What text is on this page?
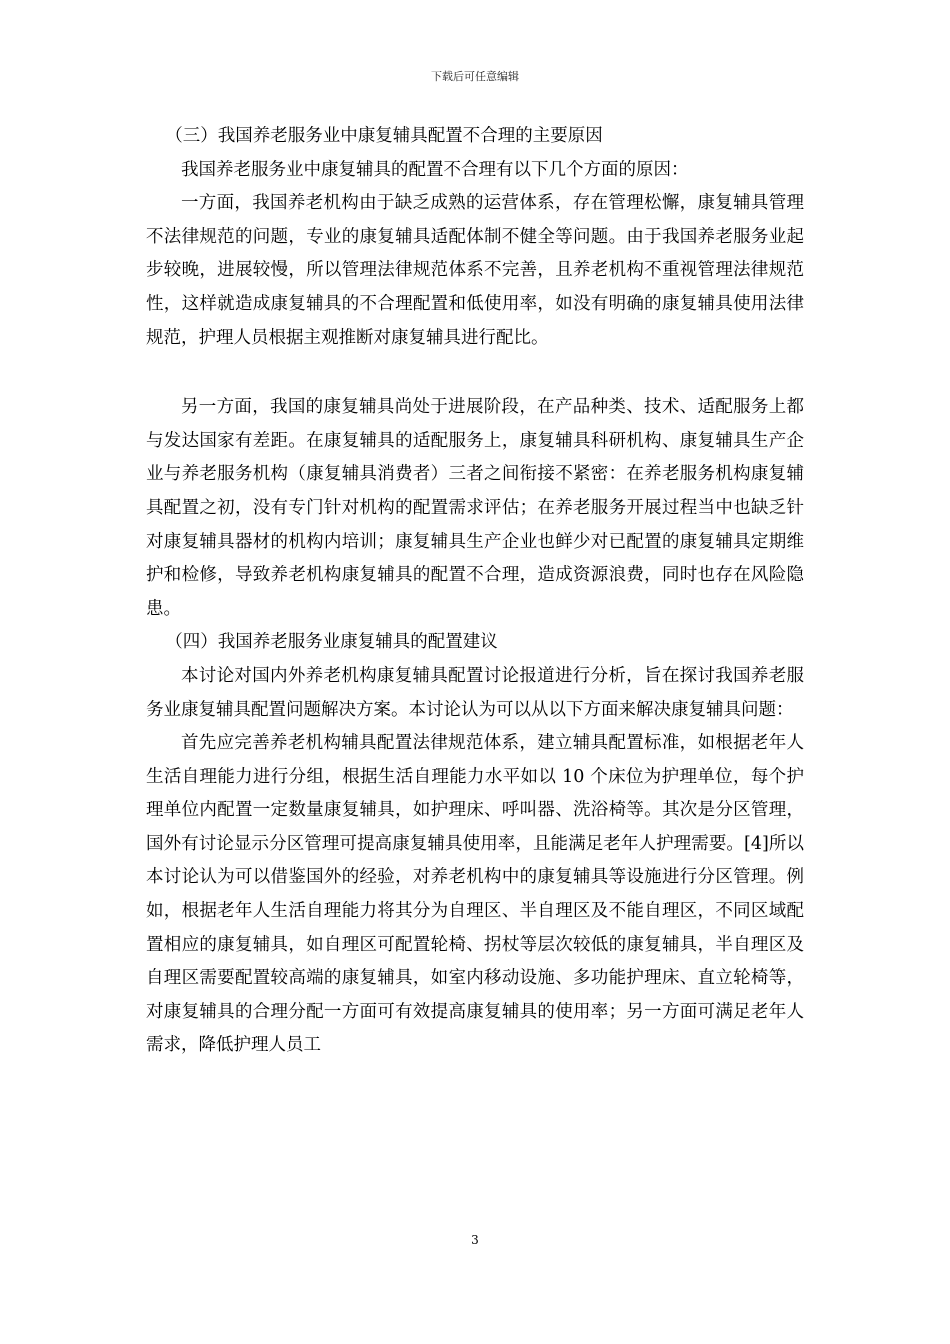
下载后可任意编辑

（三）我国养老服务业中康复辅具配置不合理的主要原因

我国养老服务业中康复辅具的配置不合理有以下几个方面的原因：

一方面，我国养老机构由于缺乏成熟的运营体系，存在管理松懈，康复辅具管理不法律规范的问题，专业的康复辅具适配体制不健全等问题。由于我国养老服务业起步较晚，进展较慢，所以管理法律规范体系不完善，且养老机构不重视管理法律规范性，这样就造成康复辅具的不合理配置和低使用率，如没有明确的康复辅具使用法律规范，护理人员根据主观推断对康复辅具进行配比。

另一方面，我国的康复辅具尚处于进展阶段，在产品种类、技术、适配服务上都与发达国家有差距。在康复辅具的适配服务上，康复辅具科研机构、康复辅具生产企业与养老服务机构（康复辅具消费者）三者之间衔接不紧密：在养老服务机构康复辅具配置之初，没有专门针对机构的配置需求评估；在养老服务开展过程当中也缺乏针对康复辅具器材的机构内培训；康复辅具生产企业也鲜少对已配置的康复辅具定期维护和检修，导致养老机构康复辅具的配置不合理，造成资源浪费，同时也存在风险隐患。

（四）我国养老服务业康复辅具的配置建议

本讨论对国内外养老机构康复辅具配置讨论报道进行分析，旨在探讨我国养老服务业康复辅具配置问题解决方案。本讨论认为可以从以下方面来解决康复辅具问题：

首先应完善养老机构辅具配置法律规范体系，建立辅具配置标准，如根据老年人生活自理能力进行分组，根据生活自理能力水平如以 10 个床位为护理单位，每个护理单位内配置一定数量康复辅具，如护理床、呼叫器、洗浴椅等。其次是分区管理，国外有讨论显示分区管理可提高康复辅具使用率，且能满足老年人护理需要。[4]所以本讨论认为可以借鉴国外的经验，对养老机构中的康复辅具等设施进行分区管理。例如，根据老年人生活自理能力将其分为自理区、半自理区及不能自理区，不同区域配置相应的康复辅具，如自理区可配置轮椅、拐杖等层次较低的康复辅具，半自理区及自理区需要配置较高端的康复辅具，如室内移动设施、多功能护理床、直立轮椅等，对康复辅具的合理分配一方面可有效提高康复辅具的使用率；另一方面可满足老年人需求，降低护理人员工

3
